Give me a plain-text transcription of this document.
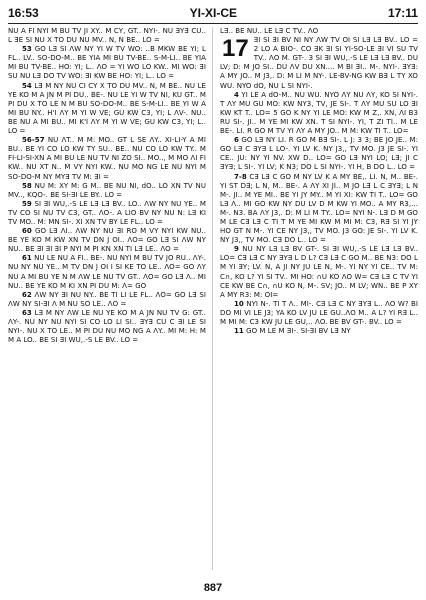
16:53	YI-XI-CE	17:11

NU A FI NYI M BU TV JI XY.. M CY, GT.. NYI-. NU ƎYƎ CU.. L ƎE SI NU X TO DU NU MV.. N, N BE.. LO =

53 GO LƎ SI ΛW NY YI W TV WO: ..B MKW BE YI; L FL.. LV.. SO-DO-M.. BE YIA MI BU TV-BE.. S-M-LI.. BE YIA MI BU TV-BE.. HO: YI; L.. ΛO = YI WO LO KW.. MI WO: ƎI SU NU LƎ DO TV WO: ƎI KW BE HO: YI; L.. LO =

54 LƎ M NY NU CI CY X TO DU MV.. N, M BE.. NU LE YE KO M A JN M PI DU.. BE-. NU LE YI W TV NI, KU GT.. M PI DU X TO LE N M BU SO-DO-M.. BE S-M-LI.. BE YI W A MI BU NY.. H'I ΛY M YI W VE; GU KW C3, YI; L ΛV-. NU.. BE NU A MI BU.. MI K'I ΛY M YI W VE; GU KW C3, YI; L.. LO =

56-57 NU ΛT.. M M: MO.. GT L SE ΛY.. XI-LI-Y A MI BU.. BE YI CO LO KW TY SU.. BE.. NU CO LO KW TY.. M FI-LI-SI-XN A MI BU LE NU TV NI ZO SI.. MO.., M MO ΛI FI KW.. NU XT N.. M VY NYI KW.. NU MO NG LE NU NYI M SO-DO-M NY MYƎ TV M: ƎI =

58 NU M: XY M: G M.. BE NU NI, dO.. LO XN TV NU MV.., KQO-. BE SI-ƎI LE BY.. LO =

59 SI ƎI WU,.-S LE LƎ LƎ BV.. LO.. ΛW NY NU YE.. M TV CO SI NU TV C3, GT.. ΛO-. A LIO BV NY NU N: LƎ KI TV MO.. M: MN SI-. XI XN TV BY LE FL.. LO =

60 GO LƎ ΛI.. ΛW NY NU ƎI RO M VY NYI KW NU.. BE YE KO M KW XN TV DN J OI.. ΛO= GO LƎ SI ΛW NY NU.. BE ƎI ƎI ƎI P NYI M PI KN XN TI LƎ LE.. ΛO =

61 NU LE NU A FI.. BE-. NU NYI M BU TV JO RU.. ΛY-. NU NY NU YE.. M TV DN J OI I SI KE TO LE.. ΛO= GO ΛY NU A MI BU YE N M ΛW LE NU TV GT.. ΛO= GO LƎ Λ.. MI NU.. BE YE KO M KI XN PI DU M: Λ= GO

62 ΛW NY ƎI NU NY.. BE TI LI LE FL.. ΛO= GO LƎ SI ΛW NY SI-ƎI Λ M NU SO LE.. ΛO =

63 LƎ M NY ΛW LE NU YE KO M A JN NU TV G: GT.. ΛY-. NU NY NU NYI SI CO LO LI SI.. ƎYƎ CU C ƎI LE SI NYI-. NU X TO LE.. M PI DU NU MO NG A ΛY.. MI M: H: M M A LO.. BE SI ƎI WU,.-S LE BV.. LO =

LƎ.. BE NU.. LE LƎ C TV.. ΛO

17 ƎI SI ƎI BV NI NY ΛW TV OI SI LƎ LƎ BV.. LO = 2 LO A BIO-. CO ƎK ƎI SI YI-SO-LE ƎI VI SU TV TV.. ΛO M. GT-. 3 SI ƎI WU,.-S LE LƎ LƎ BV.. DU LV; D: M JO SI.. DU ΛV DU XN.... M BI ƎI.. M-. NYI-. ƎYƎ: A MY JO.. M J3,. D: M LI M NY-. LE-BV-NG KW BƎ L TY XO WU. NYO dO, NU L SI NYI-.

4 YI LE A dO-M.. NU WU. NYO ΛY NU ΛY, KO SI NYI-. T ΛY MU GU MO: KW NY3, TV, JE SI-. T ΛY MU SU LO ƎI KW KT T.. LO= 5 GO K NY YI LE MO: KW M Z,. XN, ΛI B3 RU SI-. JI.. M YE MI KW XN. T SI NYI-. YI, T ZI TI.. M LE BE-. LI. R GO M TV YI ΛY A MY JO.. M M: KW TI T.. LO=

6 GO LƎ NY LI. R GO M BƎ SI-. L J: 3 3; BE JO JE.. M: GO LƎ C ƎYƎ L LO-. YI LV K. NY J3,, TV MO. J3 JE SI-. YI CE.. JU: NY YI NV. XW D.. LO= GO LƎ NYI LO; LƎ; JI C ƎYƎ; L SI-. YI LV; K N3; DO L SI NYI-. YI H, B DO L.. LO =

7-8 CƎ LƎ C GO M NY LV K A MY BE,. LI. N, M.. BE-. YI ST DƎ; L N, M.. BE-. A ΛY XI JI.. M JO LƎ L C ƎYƎ; L N M-. JI.. M YE MI.. BE YI JY MY.. M YI XI: KW TI T.. LO= GO LƎ Λ.. MI GO KW NY DU LV D M KW YI MO.. A MY R3,... M-. N3. BA ΛY J3,. D: M LI M TY.. LO= NYI N-. LƎ D M GO M LE CƎ LƎ C TI T M YE MI KW M MI M: C3, RƎ SI YI JY HO GT N M-. YI CE NY J3,, TV MO. J3 GO: JE SI-. YI LV K. NY J3,, TV MO. CƎ DO L.. LO =

9 NU NY LƎ LƎ BV GT-. SI ƎI WU,.-S LE LƎ LƎ BV.. LO= CƎ LƎ C NY ƎYƎ L D L? CƎ LƎ C GO M.. BE N3: DO L M YI ƎY; LV. N, A JI NY JU LE N, M-. YI NY YI CE.. TV M: C∩, KO L? YI SI TV.. MI HO: ∩U KO ΛO W= CƎ LƎ C TV YI CE KW BE C∩, ∩U KO N, M-. SV; JO.. M LV; WN.. BE P XY A MY R3: M: OI=

10 NYI N-. TI T Λ.. MI-. CƎ LƎ C NY ƎYƎ L.. ΛO W? BI DO MI VI LE J3; YA KO LV JU LE GU..ΛO M.. A L? YI RƎ L.. M MI M: C3 KW JU LE GU,.. ΛO. BE BV GT-. BV.. LO =

11 GO M LE M ƎI-. SI-ƎI BV LƎ NY

887
